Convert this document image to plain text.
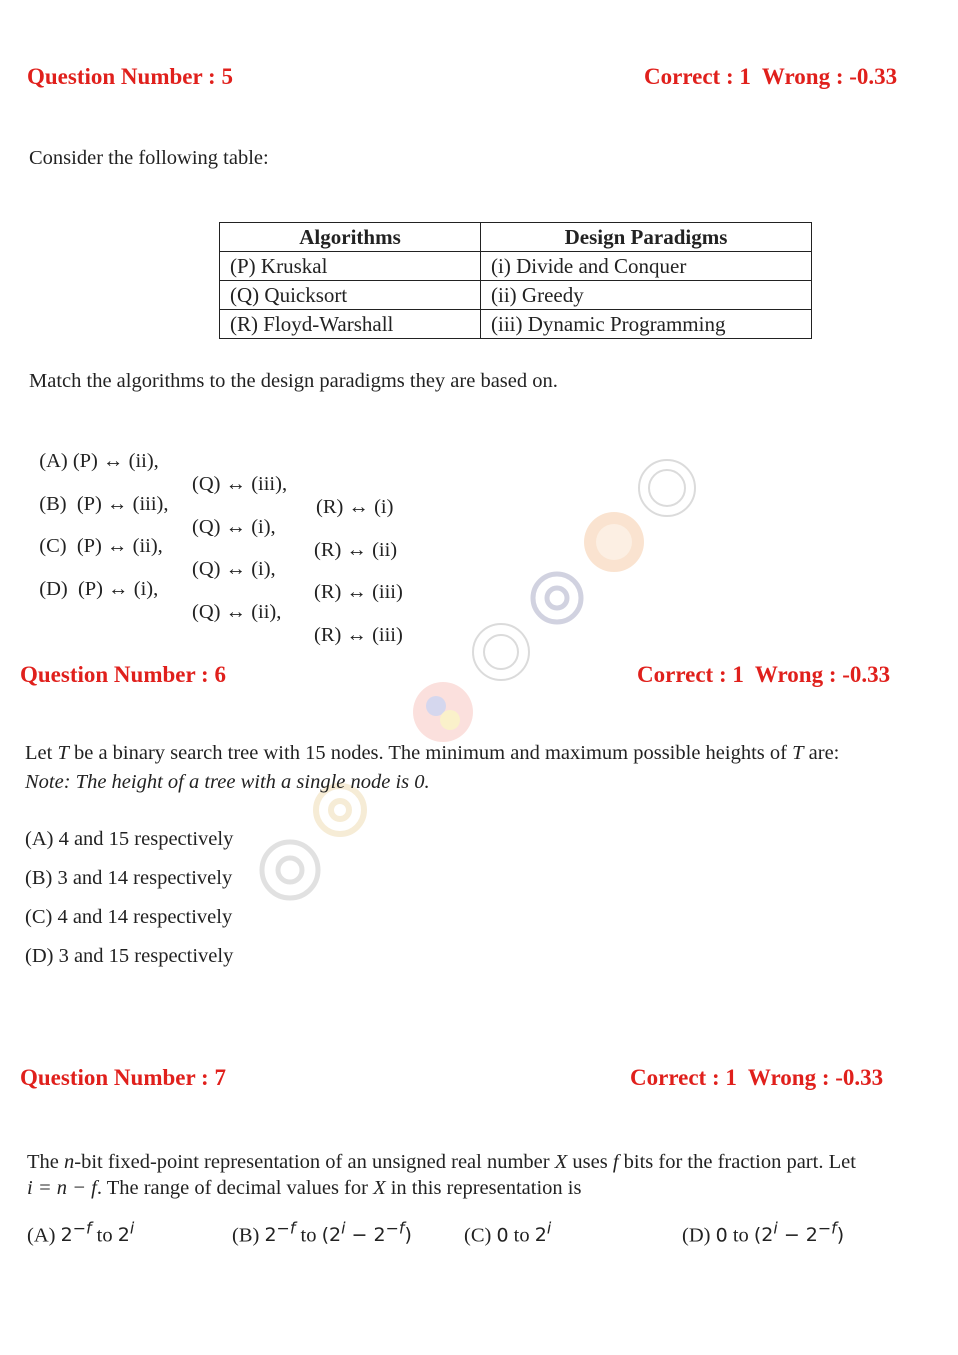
Question Number : 5	Correct : 1  Wrong : -0.33
Consider the following table:
Algorithms	Design Paradigms
(P) Kruskal	(i) Divide and Conquer
(Q) Quicksort	(ii) Greedy
(R) Floyd-Warshall	(iii) Dynamic Programming
Match the algorithms to the design paradigms they are based on.

(A) (P) ↔ (ii),

(Q) ↔ (iii),

(R) ↔ (i)

(B)  (P) ↔ (iii),

(Q) ↔ (i),

(R) ↔ (ii)

(C)  (P) ↔ (ii),

(Q) ↔ (i),

(R) ↔ (iii)

(D)  (P) ↔ (i),

(Q) ↔ (ii),

(R) ↔ (iii)

Question Number : 6	Correct : 1  Wrong : -0.33
Let T be a binary search tree with 15 nodes. The minimum and maximum possible heights of T are:
Note: The height of a tree with a single node is 0.
(A) 4 and 15 respectively
(B) 3 and 14 respectively
(C) 4 and 14 respectively
(D) 3 and 15 respectively
Question Number : 7	Correct : 1  Wrong : -0.33
The n-bit fixed-point representation of an unsigned real number X uses f bits for the fraction part. Let
i = n − f. The range of decimal values for X in this representation is
(A) $2^{-f}$ to 2$^i$	(B) $2^{-f}$ to $(2^i - 2^{-f})$	(C) 0 to 2$^i$	(D) 0 to $(2^i - 2^{-f})$
